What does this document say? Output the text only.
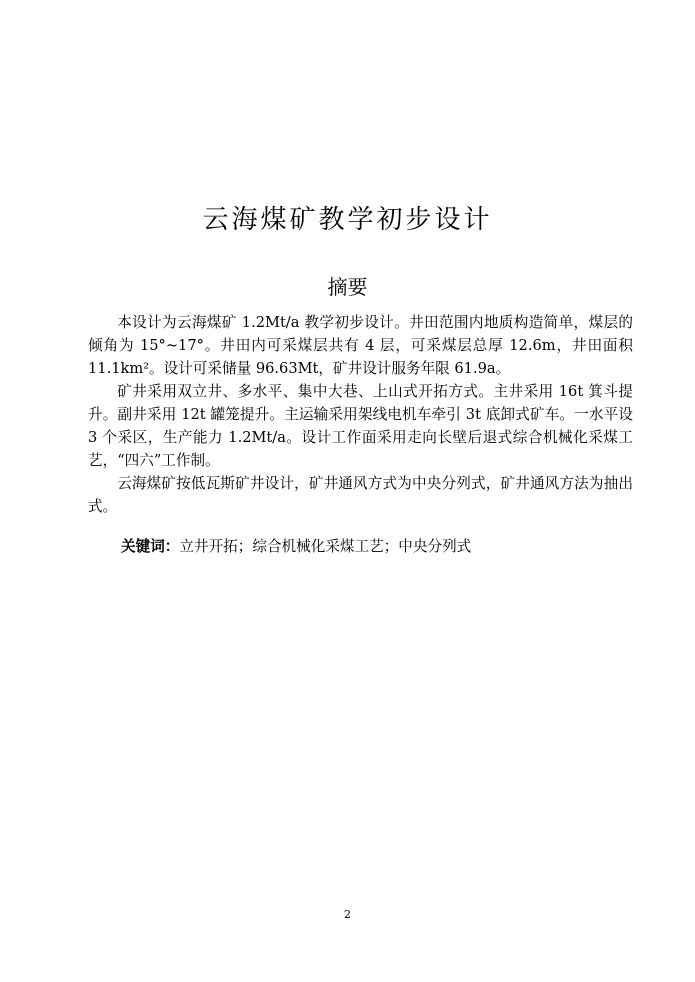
云海煤矿教学初步设计
摘要

本设计为云海煤矿 1.2Mt/a 教学初步设计。井田范围内地质构造简单，煤层的倾角为 15°~17°。井田内可采煤层共有 4 层，可采煤层总厚 12.6m，井田面积 11.1km²。设计可采储量 96.63Mt，矿井设计服务年限 61.9a。

矿井采用双立井、多水平、集中大巷、上山式开拓方式。主井采用 16t 箕斗提升。副井采用 12t 罐笼提升。主运输采用架线电机车牵引 3t 底卸式矿车。一水平设 3 个采区，生产能力 1.2Mt/a。设计工作面采用走向长壁后退式综合机械化采煤工艺，“四六”工作制。

云海煤矿按低瓦斯矿井设计，矿井通风方式为中央分列式，矿井通风方法为抽出式。

关键词：立井开拓；综合机械化采煤工艺；中央分列式
2
